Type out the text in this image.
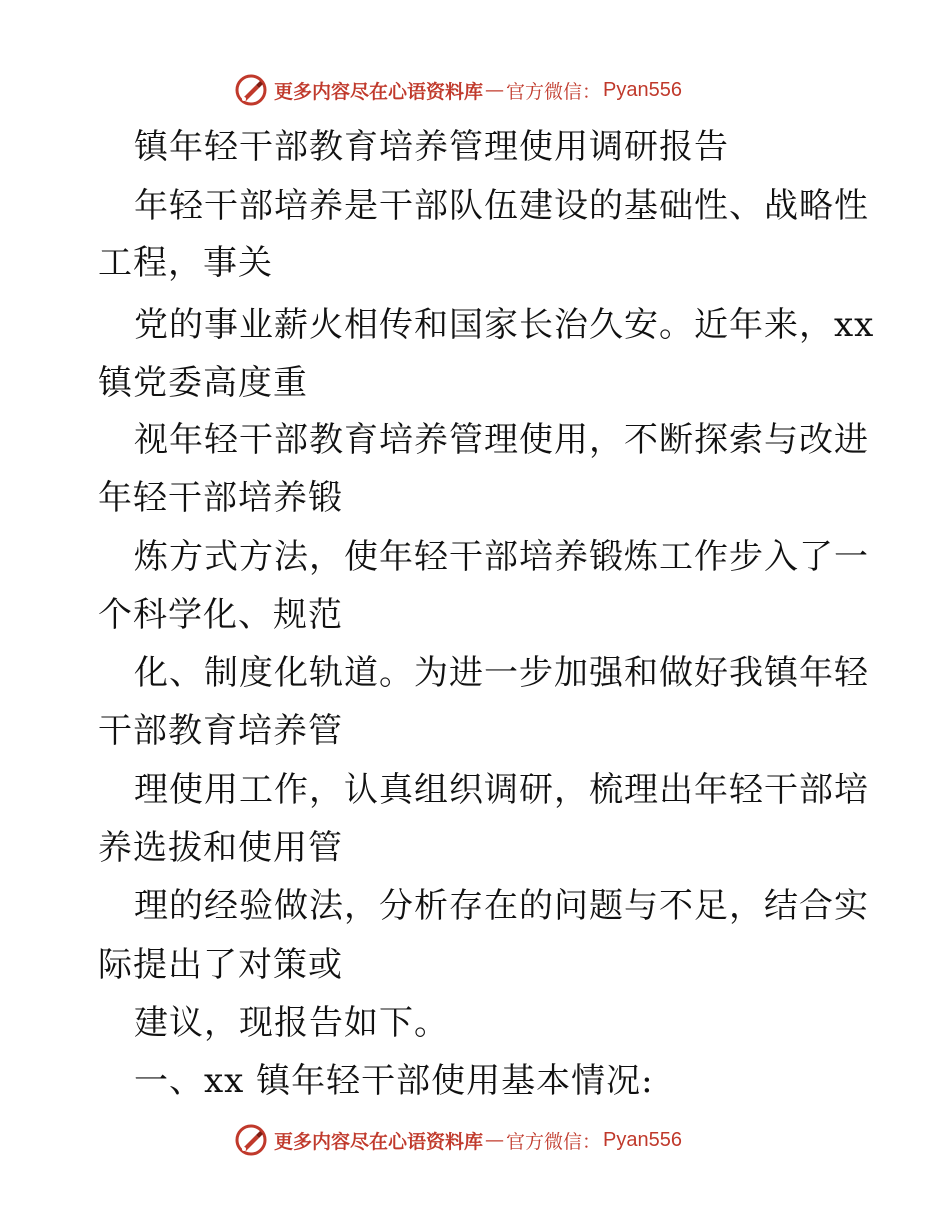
更多内容尽在心语资料库 — 官方微信： Pyan556
镇年轻干部教育培养管理使用调研报告
年轻干部培养是干部队伍建设的基础性、战略性
工程，事关
党的事业薪火相传和国家长治久安。近年来，xx
镇党委高度重
视年轻干部教育培养管理使用，不断探索与改进
年轻干部培养锻
炼方式方法，使年轻干部培养锻炼工作步入了一
个科学化、规范
化、制度化轨道。为进一步加强和做好我镇年轻
干部教育培养管
理使用工作，认真组织调研，梳理出年轻干部培
养选拔和使用管
理的经验做法，分析存在的问题与不足，结合实
际提出了对策或
建议，现报告如下。
一、xx 镇年轻干部使用基本情况:
更多内容尽在心语资料库 — 官方微信： Pyan556
